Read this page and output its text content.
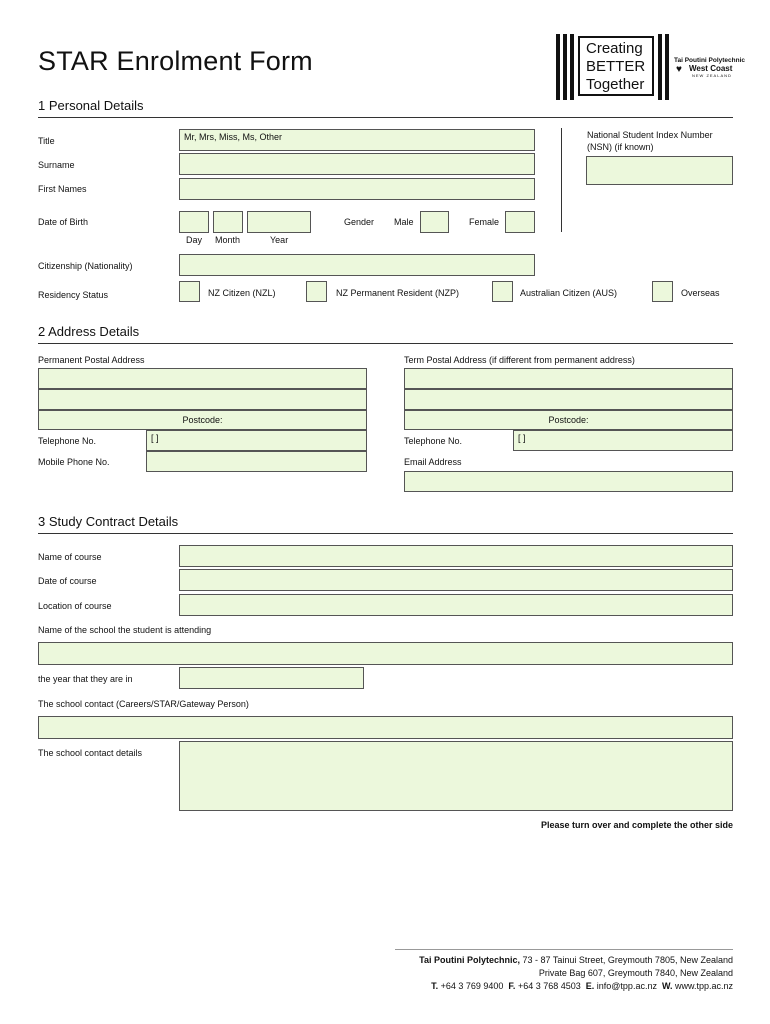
STAR Enrolment Form	Creating
BETTER
Together
Tai Poutini Polytechnic
♥ West Coast
NEW ZEALAND
1 Personal Details
Title	Mr, Mrs, Miss, Ms, Other
Surname
First Names
Date of Birth
Day Month	Year
Gender Male	Female
National Student Index Number (NSN) (if known)
Citizenship (Nationality)
Residency Status	NZ Citizen (NZL)	NZ Permanent Resident (NZP)	Australian Citizen (AUS)	Overseas
2 Address Details
Permanent Postal Address
Postcode:
Telephone No.	[ ]
Mobile Phone No.
Term Postal Address (if different from permanent address)
Postcode:
Telephone No.	[ ]
Email Address
3 Study Contract Details
Name of course
Date of course
Location of course
Name of the school the student is attending
the year that they are in
The school contact (Careers/STAR/Gateway Person)
The school contact details
Please turn over and complete the other side
Tai Poutini Polytechnic, 73 - 87 Tainui Street, Greymouth 7805, New Zealand
Private Bag 607, Greymouth 7840, New Zealand
T. +64 3 769 9400 F. +64 3 768 4503 E. info@tpp.ac.nz W. www.tpp.ac.nz
